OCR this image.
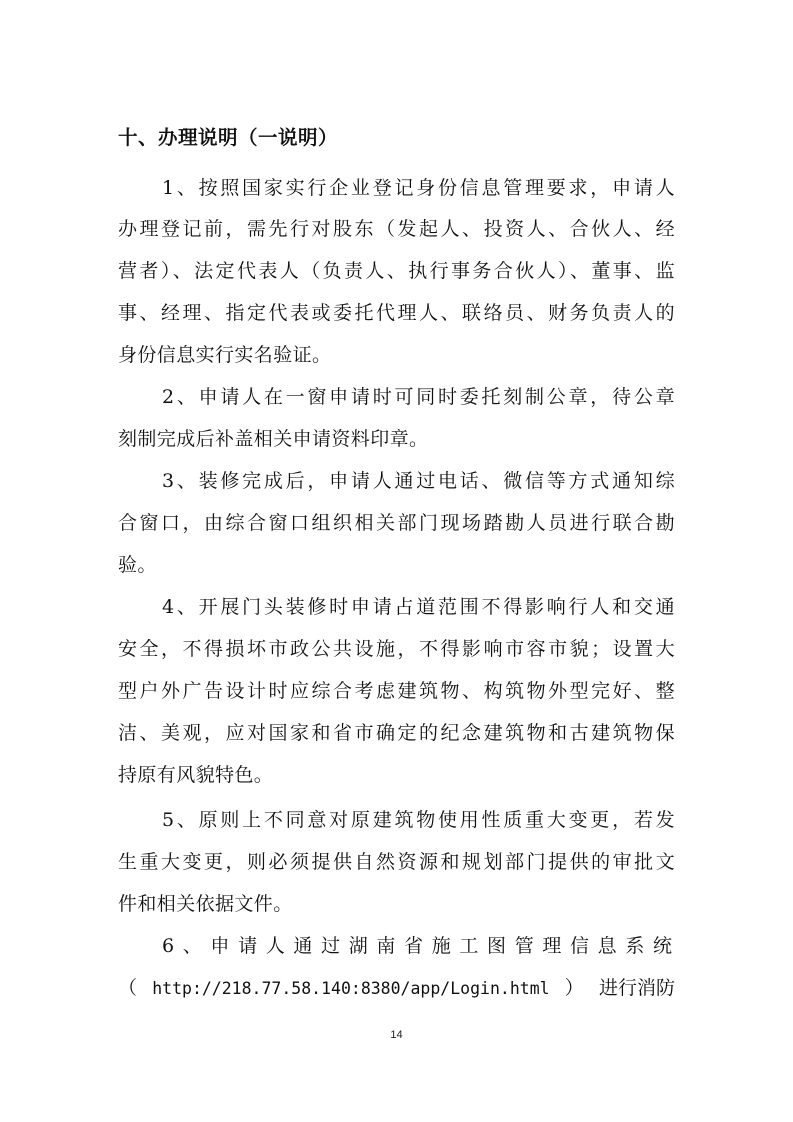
十、办理说明（一说明）
1、按照国家实行企业登记身份信息管理要求，申请人
办理登记前，需先行对股东（发起人、投资人、合伙人、经
营者）、法定代表人（负责人、执行事务合伙人）、董事、监
事、经理、指定代表或委托代理人、联络员、财务负责人的
身份信息实行实名验证。
2、申请人在一窗申请时可同时委托刻制公章，待公章
刻制完成后补盖相关申请资料印章。
3、装修完成后，申请人通过电话、微信等方式通知综
合窗口，由综合窗口组织相关部门现场踏勘人员进行联合勘
验。
4、开展门头装修时申请占道范围不得影响行人和交通
安全，不得损坏市政公共设施，不得影响市容市貌；设置大
型户外广告设计时应综合考虑建筑物、构筑物外型完好、整
洁、美观，应对国家和省市确定的纪念建筑物和古建筑物保
持原有风貌特色。
5、原则上不同意对原建筑物使用性质重大变更，若发
生重大变更，则必须提供自然资源和规划部门提供的审批文
件和相关依据文件。
6、申请人通过湖南省施工图管理信息系统
（ http://218.77.58.140:8380/app/Login.html ） 进行消防
14
